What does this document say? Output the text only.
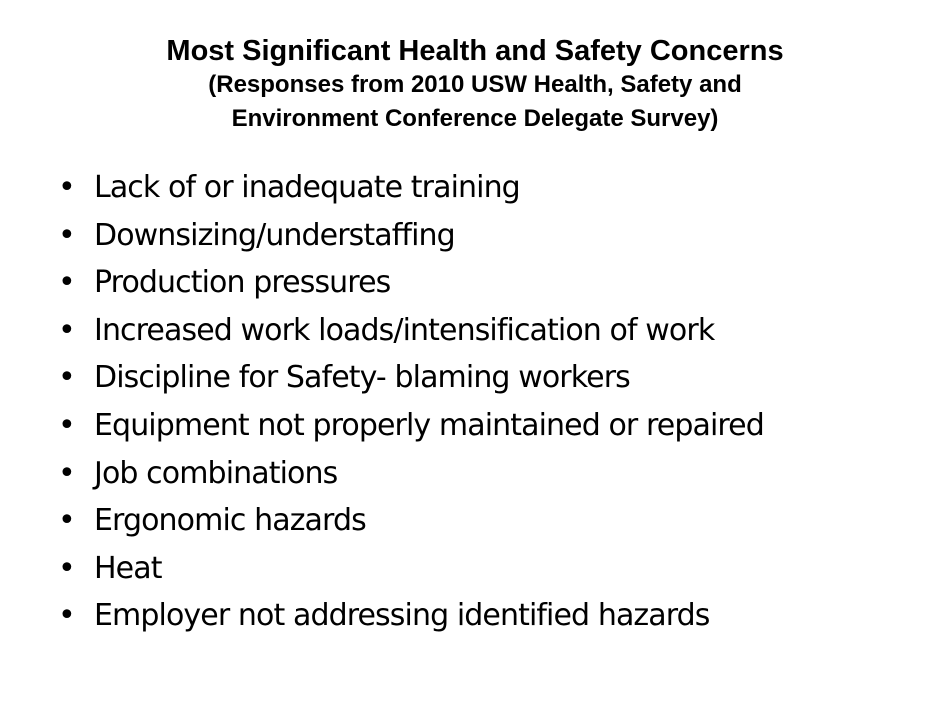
Most Significant Health and Safety Concerns

(Responses from 2010 USW Health, Safety and

Environment Conference Delegate Survey)

• Lack of or inadequate training
• Downsizing/understaffing
• Production pressures
• Increased work loads/intensification of work
• Discipline for Safety- blaming workers
• Equipment not properly maintained or repaired
• Job combinations
• Ergonomic hazards
• Heat
• Employer not addressing identified hazards
